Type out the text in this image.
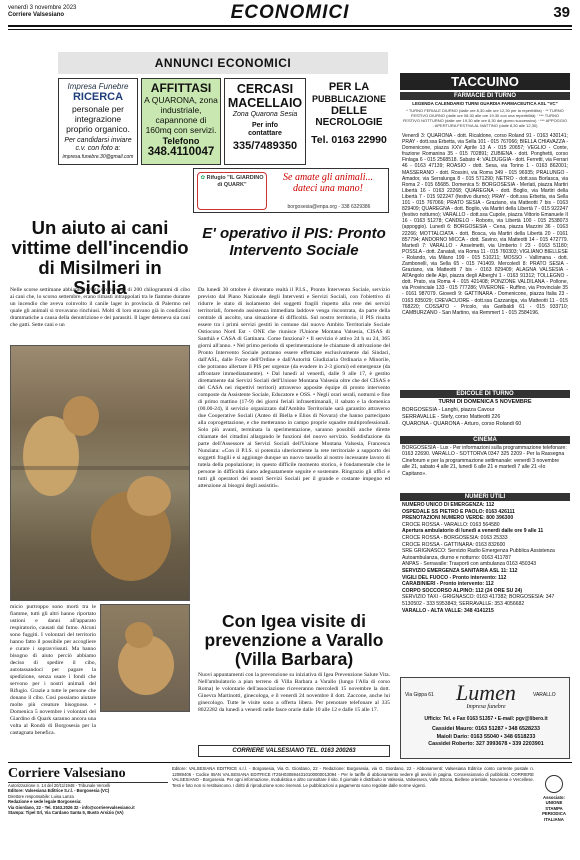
venerdì 3 novembre 2023
Corriere Valsesiano	ECONOMICI	39
ANNUNCI ECONOMICI
Impresa Funebre
RICERCA
personale per integrazione proprio organico.
Per candidarsi inviare c.v. con foto a:
impresa.funebre.30@gmail.com
AFFITTASI
A QUARONA, zona industriale, capannone di 160mq con servizi.
Telefono
348.4110047
CERCASI MACELLAIO
Zona Quarona Sesia
Per info contattare
335/7489350
PER LA
PUBBLICAZIONE
DELLE
NECROLOGIE
Tel. 0163 22990
✿ Rifugio "IL GIARDINO di QUARK"
Se amate gli animali... dateci una mano!
borgosesia@enpa.org - 338 6329386
Un aiuto ai cani vittime dell'incendio di Misilmeri in Sicilia
Nelle scorse settimane abbiamo inviato un bancale di 200 chilogrammi di cibo ai cani che, lo scorso settembre, erano rimasti intrappolati tra le fiamme durante un incendio che aveva coinvolto il canile lager in provincia di Palermo nel quale gli animali si trovavano rinchiusi. Molti di loro stavano già in condizioni drammatiche a causa della denutrizione e dei parassiti. Il lager deteneva sia cani che gatti. Sette cani e un
micio purtroppo sono morti tra le fiamme, tutti gli altri hanno riportato ustioni e danni all'apparato respiratorio, causati dal fumo. Alcuni sono fuggiti. I volontari del territorio hanno fatto il possibile per accogliere e curare i sopravvissuti. Ma hanno bisogno di aiuto perciò abbiamo deciso di spedire il cibo, autotassandoci per pagare la spedizione, senza usare i fondi che servono per i nostri animali del Rifugio. Grazie a tutte le persone che donano il cibo. Così possiamo aiutare molte più creature bisognose. • Domenica 5 novembre i volontari del Giardino di Quark saranno ancora una volta al Rondò di Borgosesia per la castagnata benefica.
E' operativo il PIS: Pronto Intervento Sociale
Da lunedì 30 ottobre è diventato realtà il P.I.S., Pronto Intervento Sociale, servizio previsto dal Piano Nazionale degli Interventi e Servizi Sociali, con l'obiettivo di ridurre le stato di isolamento dei soggetti fragili rispetto alla rete dei servizi territoriali, fornendo assistenza immediata laddove venga riscontrata, da parte della centrale di ascolto, una situazione di difficoltà. Sul nostro territorio, il PIS risulta essere tra i primi servizi gestiti in comune dal nuovo Ambito Territoriale Sociale Ostiocono Nord Est - ONE che riunisce l'Unione Montana Valsesia, CISAS di Santhià e CASA di Gattinara. Come funziona? • Il servizio è attivo 24 h su 24, 365 giorni all'anno. • Nel primo periodo di sperimentazione le chiamate di attivazione del Pronto Intervento Sociale potranno essere effettuate esclusivamente dai Sindaci, dall'ASL, dalle Forze dell'Ordine e dall'Autorità Giudiziaria Ordinaria e Minorile, che potranno allertare il PIS per urgenze (da evadere in 2-3 giorni) ed emergenze (da affrontare immediatamente). • Dal lunedì al venerdì, dalle 9 alle 17, è gestito direttamente dai Servizi Sociali dell'Unione Montana Valsesia oltre che del CISAS e del CASA nei rispettivi territori) attraverso apposite équipe di pronto intervento composte da Assistente Sociale, Educatore e OSS. • Negli orari serali, notturni e fine di primo mattino (17-9) dei giorni feriali infrasettimanali, il sabato e la domenica (00.00-24), il servizio organizzato dall'Ambito Territoriale sarà garantito attraverso due Cooperative Sociali (Anteo di Biella e Elios di Novara) che hanno partecipato alla coprogettazione, e che metteranno in campo proprie squadre multiprofessionali. Solo più avanti, terminata la sperimentazione, saranno possibili anche dirette chiamate dei cittadini allargando le funzioni del nuovo servizio. Soddisfazione da parte dell'Assessore ai Servizi Sociali dell'Unione Montana Valsesia, Francesca Nunziata: «Con il P.I.S. si potenzia ulteriormente la rete territoriale a supporto dei soggetti fragili e si aggiunge dunque un nuovo tassello al nostro incessante lavoro di tutela della popolazione; in questo difficile momento storico, è fondamentale che le persone in difficoltà siano adeguatamente seguite e sostenute. Ringrazio gli uffici e tutti gli operatori dei nostri Servizi Sociali per il grande e costante impegno ed attenzione ai bisogni degli assistiti».
Con Igea visite di prevenzione a Varallo (Villa Barbara)
Nuovi appuntamenti con la prevenzione su iniziativa di Igea Prevenzione Salute Vita. Nell'ambulatorio a pian terreno di Villa Barbara a Varallo (lungo l'Alla di corso Roma) le volontarie dell'associazione riceveranno mercoledì 15 novembre la dott. Ginevra Martinotti, ginecologa, e il venerdì 24 novembre il dott. Zaccone, anche lui ginecologo. Tutte le visite sono a offerta libera. Per prenotare telefonare al 335 8022282 da lunedì a venerdì nelle fasce orarie dalle 10 alle 12 e dalle 15 alle 17.
CORRIERE VALSESIANO TEL. 0163 200263
TACCUINO
FARMACIE DI TURNO
LEGENDA CALENDARIO TURNI GUARDIA FARMACEUTICA ASL "VC"
* TURNO FERIALE DIURNO (dalle ore 8,30 alle ore 12,30 per la reperibilità) · ** TURNO FESTIVO DIURNO (dalle ore 08.30 alle ore 19.30 con una reperibilità) · *** TURNO FESTIVO NOTTURNO (dalle ore 19,30 alle ore 8,30 del giorno successivo) · *** APPOGGIO - APERTURA FESTIVA AL MATTINO (dalle 8,30 alle 12,30)
Venerdì 3: QUARONA - dott. Ricaldone, corso Roland 91 - 0163 430141; PRAY - dott.ssa Erbetta, via Sella 101 - 015 767066; BIELLA CHIAVAZZA - Domenicone, piazza XXV Aprile 13 A - 015 20657; VEGLIO - Conte, frazione Romanina 35 - 015 702891; ZUBIENA - dott. Ponghetti, corso Finlaga 6 - 015 2568518. Sabato 4: VALDUGGIA - dott. Ferretti, via Ferrari 46 - 0163 47139; ROASIO - dott. Sesa, via Torino 1 - 0163 862001; MASSERANO - dott. Rossini, via Roma 349 - 015 96935; PRALUNGO - Amador, via Serralunga 8 - 015 571290; NETRO - dott.ssa Borlasca, via Roma 2 - 015 65685. Domenica 5: BORGOSESIA - Merlati, piazza Martiri Libertà 16 - 0163 22268; QUAREGNA - dott. Boglio, via Martiri della Libertà 7 - 015 922247 (festivo diurno); PRAY - dott.ssa Erbetta, via Sella 101 - 015 767066; PRATO SESIA - Graziano, via Matteotti 7 bis - 0163 829409; QUAREGNA - dott. Boglio, via Martiri della Libertà 7 - 015 922247 (festivo notturno); VARALLO - dott.ssa Cupole, piazza Vittorio Emanuele II 16 - 0163 51278; CANDELO - Roboris, via Libertà 100 - 015 2538073 (appoggio). Lunedì 6: BORGOSESIA - Cena, piazza Mazzini 36 - 0163 22266; MOTTALCIATA - dott. Bosca, via Martiri della Libertà 20 - 0161 857794; ANDORNO MICCA - dott. Savino, via Matteotti 14 - 015 472779. Martedì 7: VARALLO - Anselmetti, via Umberto I 23 - 0163 51180; POSSLA - dott. Zanatali, via Roma 11 - 015 760303; VIGLIANO BIELLESE - Rolando, via Milano 199 - 015 510211; MOSSO - Vallimana - dott. Zambonelli, via Sella 65 - 015 741409. Mercoledì 8: PRATO SESIA - Graziano, via Matteotti 7 bis - 0163 829409; ALAGNA VALSESIA - All'Angolo delle Alpi, piazza degli Alberghi 1 - 0163 91312; TOLLEGNO - dott. Prato, via Roma 4 - 015 421408; PONZONE VALDILANA - Pollone, via Provinciale 133 - 015 777286; VIVERONE - Ruffino, via Provinciale 35 - 0161 987079. Giovedì 9: GATTINARA - Domenicone, piazza Italia 23 - 0163 835029; CREVACUORE - dott.ssa Cazzaniga, via Matteotti 11 - 015 768220; COSSATO - Pricolo, via Garibaldi 61 - 015 933710; CAMBURZANO - San Martino, via Remmert 1 - 015 2584196.
EDICOLE DI TURNO
TURNI DI DOMENICA 5 NOVEMBRE
BORGOSESIA - Langhi, piazza Cavour
SERRAVALLE - Stefy, corso Matteotti 226
QUARONA - QUARONA - Arturo, corso Rolandi 60
CINEMA
BORGOSESIA - Lux - Per informazioni sulla programmazione telefonare: 0163 22690. VARALLO - SOTTORVA 0347 325 2209 - Per la Rassegna Cineforum e per la programmazione settimanale: venerdì 3 novembre alle 21, sabato 4 alle 21, lunedì 6 alle 21 e martedì 7 alle 21 «Io Capitano».
NUMERI UTILI
NUMERO UNICO DI EMERGENZA: 112
OSPEDALE SS PIETRO E PAOLO: 0163 426111
PRENOTAZIONI NUMERO VERDE: 800 396300
CROCE ROSSA - VARALLO: 0163 564580
Apertura ambulatorio di lunedì a venerdì dalle ore 9 alle 11
CROCE ROSSA - BORGOSESIA: 0163 25333
CROCE ROSSA - GATTINARA: 0163 832600
SRE GRIGNASCO: Servizio Radio Emergenza Pubblica Assistenza Autoambulanza, diurno e notturno: 0163 411787
ANPAS - Serravalle: Trasporti con ambulanza 0163 450343
SERVIZIO EMERGENZA SANITARIA ASL 11: 112
VIGILI DEL FUOCO - Pronto intervento: 112
CARABINIERI - Pronto intervento: 112
CORPO SOCCORSO ALPINO: 112 (24 ORE SU 24)
SERVIZIO TAXI - GRIGNASCO: 0163 417382; BORGOSESIA: 347 5130502 - 333 5953843; SERRAVALLE: 353 4056682
VARALLO - ALTA VALLE: 348 4141215
Via Gippa 61	Lumen
Impresa funebre
VARALLO
Ufficio: Tel. e Fax 0163 51357 • E-mail: pgv@libero.it
Cassidei Mauro: 0163 51287 • 348 6528233
Maioli Dario: 0163 55040 • 348 6518233
Cassidei Roberto: 327 3993678 • 339 2203901
Corriere Valsesiano
Autorizzazione n. 14 del 20/11/1948 - Tribunale Vercelli
Editore: Valsesiana Editrice S.r.l. - Borgosesia (VC)
Direttore responsabile: Luisa Lanza
Redazione e sede legale Borgosesia:
Via Giordano, 22 - Tel. 0163.2026 32 - info@corrierevalsesiano.it
Stampa: Tipel Srl, Via Cardano Santa 5, Busto Arsizio (VA)
Editore: VALSESIANA EDITRICE s.r.l. - Borgosesia, Via G. Giordano, 22 - Redazione: Borgosesia, via G. Giordano, 22 - Abbonamenti: Valsesiana Editrice conto corrente postale n. 12089406 - Codice IBAN VALSESIANA EDITRICE IT25H0306944310100000013094 - Per le tariffe di abbonamento vedere gli avvisi in pagina. Concessionario di pubblicità: CORRIERE VALSESIANO - Borgosesia. Per ogni informazione, modulistica e altro consultare il sito. Il giornale è distribuito in Valsesia, Valsessera, Valle Strona, Biellese orientale, Novarese e Vercellese. Testi e foto non si restituiscono. I diritti di riproduzione sono riservati. Le pubblicazioni a pagamento sono regolate dalle norme vigenti.
Associato: UNIONE STAMPA PERIODICA ITALIANA
